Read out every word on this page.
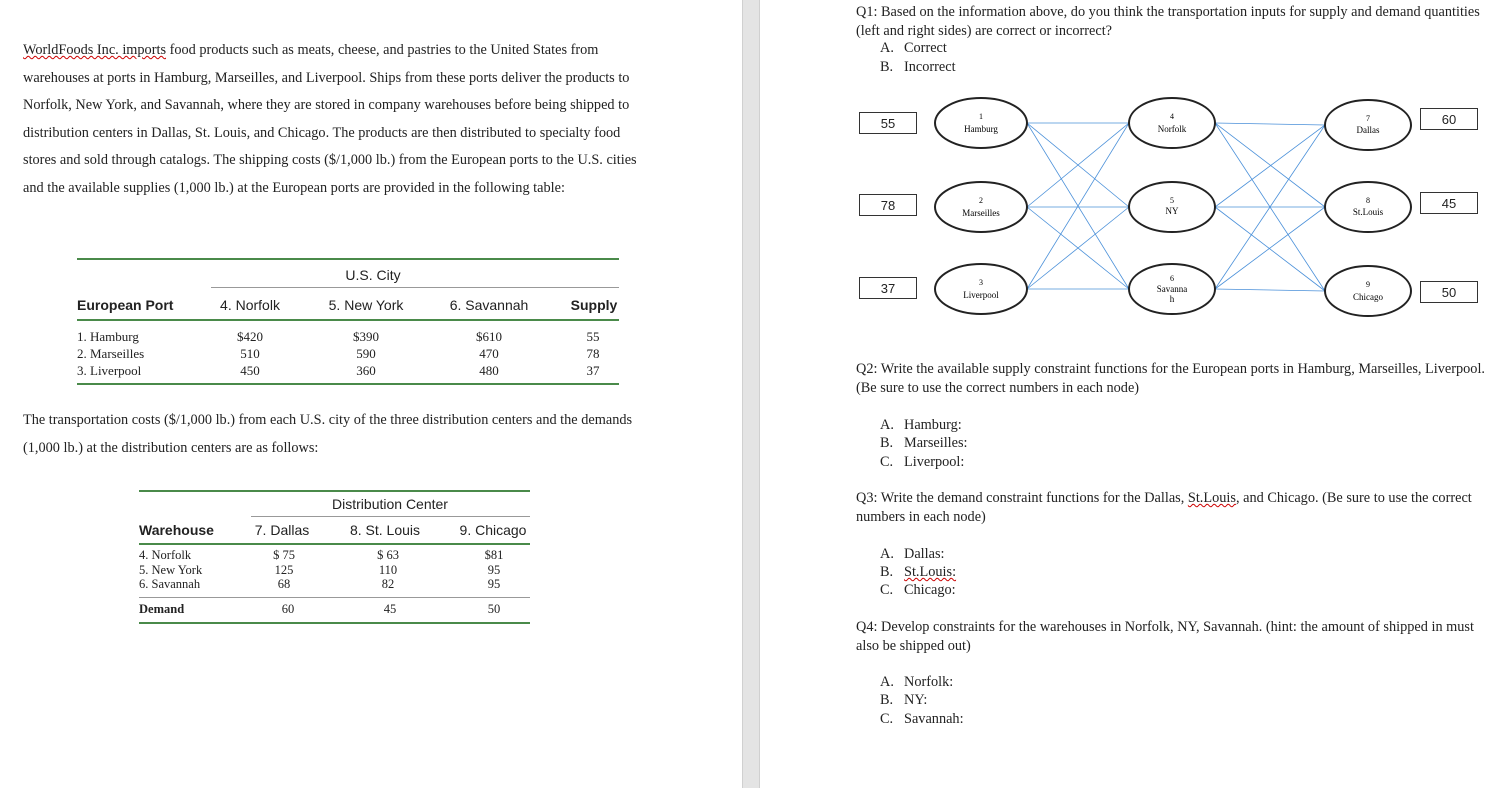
WorldFoods Inc. imports food products such as meats, cheese, and pastries to the United States from warehouses at ports in Hamburg, Marseilles, and Liverpool. Ships from these ports deliver the products to Norfolk, New York, and Savannah, where they are stored in company warehouses before being shipped to distribution centers in Dallas, St. Louis, and Chicago. The products are then distributed to specialty food stores and sold through catalogs. The shipping costs ($/1,000 lb.) from the European ports to the U.S. cities and the available supplies (1,000 lb.) at the European ports are provided in the following table:

U.S. City
European Port	4. Norfolk	5. New York	6. Savannah	Supply
1. Hamburg	$420	$390	$610	55
2. Marseilles	510	590	470	78
3. Liverpool	450	360	480	37

The transportation costs ($/1,000 lb.) from each U.S. city of the three distribution centers and the demands (1,000 lb.) at the distribution centers are as follows:

Distribution Center
Warehouse	7. Dallas	8. St. Louis	9. Chicago
4. Norfolk	$ 75	$ 63	$81
5. New York	125	110	95
6. Savannah	68	82	95
Demand	60	45	50

Q1: Based on the information above, do you think the transportation inputs for supply and demand quantities (left and right sides) are correct or incorrect?

A. Correct
B. Incorrect
1
Hamburg
2
Marseilles
3
Liverpool
4
Norfolk
5
NY
6
Savanna
h
7
Dallas
8
St.Louis
9
Chicago
55
78
37
60
45
50

Q2: Write the available supply constraint functions for the European ports in Hamburg, Marseilles, Liverpool. (Be sure to use the correct numbers in each node)

A. Hamburg:
B. Marseilles:
C. Liverpool:

Q3: Write the demand constraint functions for the Dallas, St.Louis, and Chicago. (Be sure to use the correct numbers in each node)

A. Dallas:
B. St.Louis:
C. Chicago:

Q4: Develop constraints for the warehouses in Norfolk, NY, Savannah. (hint: the amount of shipped in must also be shipped out)

A. Norfolk:
B. NY:
C. Savannah:
